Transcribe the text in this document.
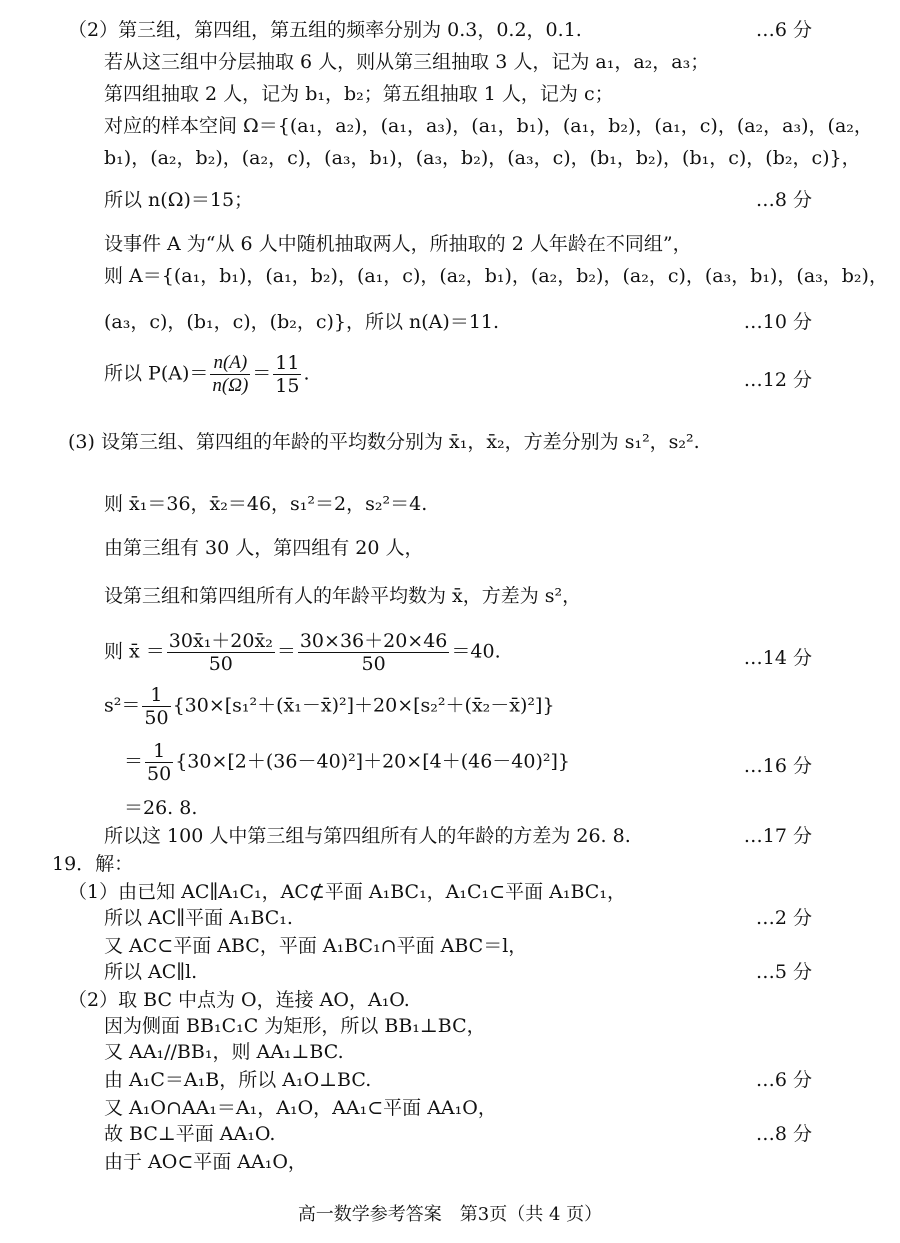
所以 $P(A)= \frac{n(A)}{n(\Omega)} = \frac{11}{15}$ .	…12 分
则 x̄ ＝ $\frac{\text{30x̄₁＋20x̄₂}}{50} = \frac{30\times 36+20\times 46}{50} =40$.	…14 分
$s^2= \frac{1}{50}$ {30×[s₁²＋(x̄₁－x̄)²]＋20×[s₂²＋(x̄₂－x̄)²]}
＝ $\frac{1}{50} \{30\times[2+(36-40)^2]+20\times[4+(46-40)^2]\}$	…16 分
高一数学参考答案　第3页（共 4 页）
（2）第三组，第四组，第五组的频率分别为 0.3，0.2，0.1.	…6 分
若从这三组中分层抽取 6 人，则从第三组抽取 3 人，记为 a₁，a₂，a₃；
第四组抽取 2 人，记为 b₁，b₂；第五组抽取 1 人，记为 c；
对应的样本空间 Ω＝{(a₁，a₂)，(a₁，a₃)，(a₁，b₁)，(a₁，b₂)，(a₁，c)，(a₂，a₃)，(a₂，
b₁)，(a₂，b₂)，(a₂，c)，(a₃，b₁)，(a₃，b₂)，(a₃，c)，(b₁，b₂)，(b₁，c)，(b₂，c)}，
所以 n(Ω)＝15；	…8 分
设事件 A 为“从 6 人中随机抽取两人，所抽取的 2 人年龄在不同组”，
则 A＝{(a₁，b₁)，(a₁，b₂)，(a₁，c)，(a₂，b₁)，(a₂，b₂)，(a₂，c)，(a₃，b₁)，(a₃，b₂)，
(a₃，c)，(b₁，c)，(b₂，c)}，所以 n(A)＝11.	…10 分
(3) 设第三组、第四组的年龄的平均数分别为 x̄₁，x̄₂，方差分别为 s₁²，s₂².
则 x̄₁＝36，x̄₂＝46，s₁²＝2，s₂²＝4.
由第三组有 30 人，第四组有 20 人，
设第三组和第四组所有人的年龄平均数为 x̄，方差为 s²，
＝26. 8.
所以这 100 人中第三组与第四组所有人的年龄的方差为 26. 8.	…17 分
19．解：
（1）由已知 AC∥A₁C₁，AC⊄平面 A₁BC₁，A₁C₁⊂平面 A₁BC₁，
所以 AC∥平面 A₁BC₁.	…2 分
又 AC⊂平面 ABC，平面 A₁BC₁∩平面 ABC＝l，
所以 AC∥l.	…5 分
（2）取 BC 中点为 O，连接 AO，A₁O.
因为侧面 BB₁C₁C 为矩形，所以 BB₁⊥BC，
又 AA₁//BB₁，则 AA₁⊥BC.
由 A₁C＝A₁B，所以 A₁O⊥BC.	…6 分
又 A₁O∩AA₁＝A₁，A₁O，AA₁⊂平面 AA₁O，
故 BC⊥平面 AA₁O.	…8 分
由于 AO⊂平面 AA₁O，
